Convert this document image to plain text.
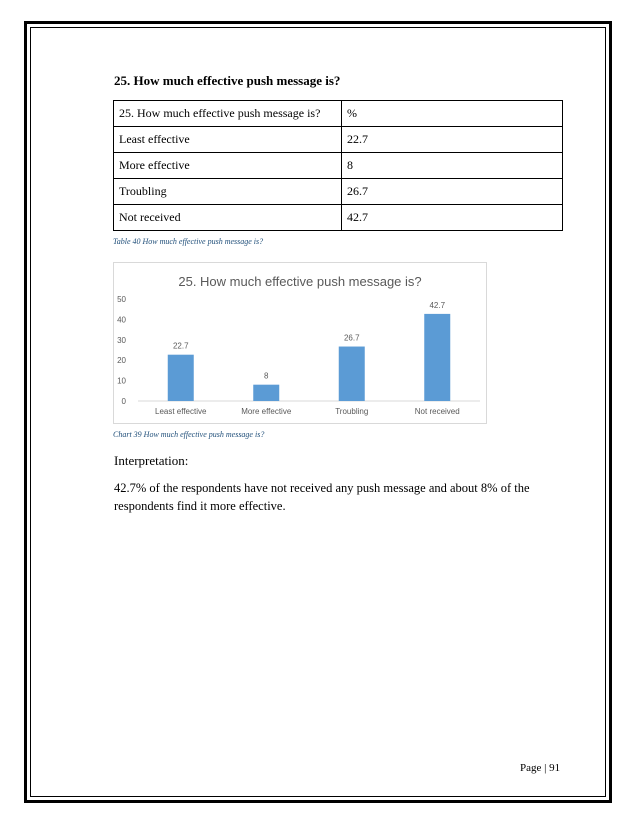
25. How much effective push message is?
25. How much effective push message is?	%
Least effective	22.7
More effective	8
Troubling	26.7
Not received	42.7
Table 40 How much effective push message is?
25. How much effective push message is?
0
10
20
30
40
50
22.7
Least effective
8
More effective
26.7
Troubling
42.7
Not received
Chart 39 How much effective push message is?
Interpretation:
42.7% of the respondents have not received any push message and about 8% of the respondents find it more effective.
Page | 91
